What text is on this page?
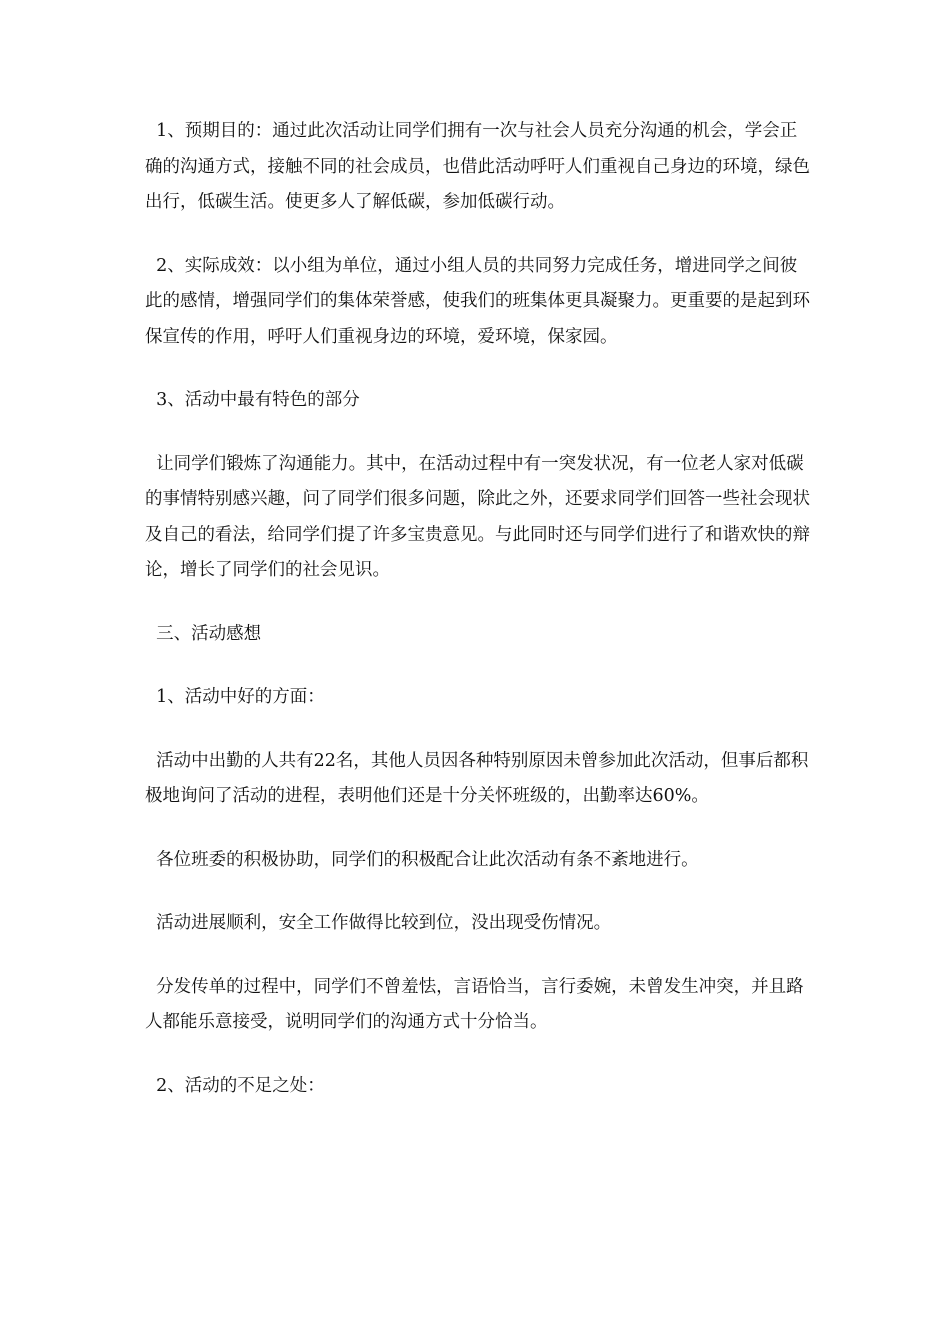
1、预期目的：通过此次活动让同学们拥有一次与社会人员充分沟通的机会，学会正确的沟通方式，接触不同的社会成员，也借此活动呼吁人们重视自己身边的环境，绿色出行，低碳生活。使更多人了解低碳，参加低碳行动。

2、实际成效：以小组为单位，通过小组人员的共同努力完成任务，增进同学之间彼此的感情，增强同学们的集体荣誉感，使我们的班集体更具凝聚力。更重要的是起到环保宣传的作用，呼吁人们重视身边的环境，爱环境，保家园。

3、活动中最有特色的部分

让同学们锻炼了沟通能力。其中，在活动过程中有一突发状况，有一位老人家对低碳的事情特别感兴趣，问了同学们很多问题，除此之外，还要求同学们回答一些社会现状及自己的看法，给同学们提了许多宝贵意见。与此同时还与同学们进行了和谐欢快的辩论，增长了同学们的社会见识。

三、活动感想

1、活动中好的方面：

活动中出勤的人共有22名，其他人员因各种特别原因未曾参加此次活动，但事后都积极地询问了活动的进程，表明他们还是十分关怀班级的，出勤率达60%。

各位班委的积极协助，同学们的积极配合让此次活动有条不紊地进行。

活动进展顺利，安全工作做得比较到位，没出现受伤情况。

分发传单的过程中，同学们不曾羞怯，言语恰当，言行委婉，未曾发生冲突，并且路人都能乐意接受，说明同学们的沟通方式十分恰当。

2、活动的不足之处：
